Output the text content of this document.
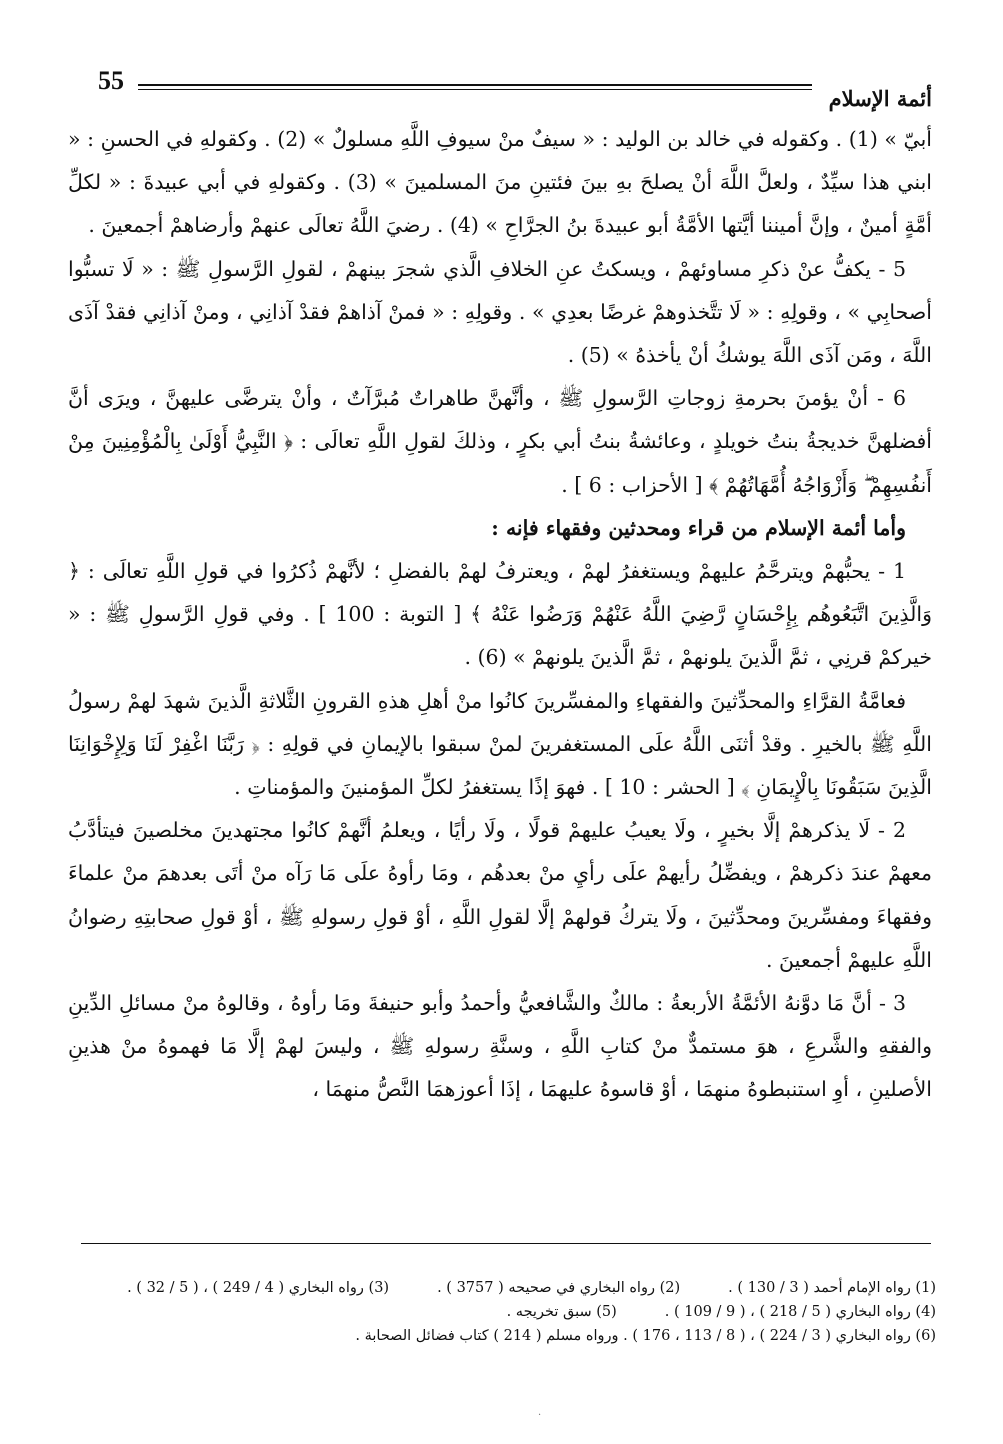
55
أئمة الإسلام

أبيّ » (1) . وكقوله في خالد بن الوليد : « سيفٌ منْ سيوفِ اللَّهِ مسلولٌ » (2) . وكقولهِ في الحسنِ : « ابني هذا سيِّدٌ ، ولعلَّ اللَّهَ أنْ يصلحَ بهِ بينَ فئتينِ منَ المسلمينَ » (3) . وكقولهِ في أبي عبيدةَ : « لكلِّ أمَّةٍ أمينٌ ، وإنَّ أميننا أيَّتها الأمَّةُ أبو عبيدةَ بنُ الجرَّاحِ » (4) . رضيَ اللَّهُ تعالَى عنهمْ وأرضاهمْ أجمعينَ .

5 - يكفُّ عنْ ذكرِ مساوئهمْ ، ويسكتُ عنِ الخلافِ الَّذي شجرَ بينهمْ ، لقولِ الرَّسولِ ﷺ : « لَا تسبُّوا أصحابِي » ، وقولِهِ : « لَا تتَّخذوهمْ غرضًا بعدِي » . وقولِهِ : « فمنْ آذاهمْ فقدْ آذانِي ، ومنْ آذانِي فقدْ آذَى اللَّهَ ، ومَن آذَى اللَّهَ يوشكُ أنْ يأخذهُ » (5) .

6 - أنْ يؤمنَ بحرمةِ زوجاتِ الرَّسولِ ﷺ ، وأنَّهنَّ طاهراتٌ مُبرَّآتٌ ، وأنْ يترضَّى عليهنَّ ، ويرَى أنَّ أفضلهنَّ خديجةُ بنتُ خويلدٍ ، وعائشةُ بنتُ أبي بكرٍ ، وذلكَ لقولِ اللَّهِ تعالَى : ﴿ النَّبِيُّ أَوْلَىٰ بِالْمُؤْمِنِينَ مِنْ أَنفُسِهِمْ ۖ وَأَزْوَاجُهُ أُمَّهَاتُهُمْ ﴾ [ الأحزاب : 6 ] .

وأما أئمة الإسلام من قراء ومحدثين وفقهاء فإنه :

1 - يحبُّهمْ ويترحَّمُ عليهمْ ويستغفرُ لهمْ ، ويعترفُ لهمْ بالفضلِ ؛ لأنَّهمْ ذُكرُوا في قولِ اللَّهِ تعالَى : ﴿ وَالَّذِينَ اتَّبَعُوهُم بِإِحْسَانٍ رَّضِيَ اللَّهُ عَنْهُمْ وَرَضُوا عَنْهُ ﴾ [ التوبة : 100 ] . وفي قولِ الرَّسولِ ﷺ : « خيركمْ قرنِي ، ثمَّ الَّذينَ يلونهمْ ، ثمَّ الَّذينَ يلونهمْ » (6) .

فعامَّةُ القرَّاءِ والمحدِّثينَ والفقهاءِ والمفسِّرينَ كانُوا منْ أهلِ هذهِ القرونِ الثَّلاثةِ الَّذينَ شهدَ لهمْ رسولُ اللَّهِ ﷺ بالخيرِ . وقدْ أثنَى اللَّهُ علَى المستغفرينَ لمنْ سبقوا بالإيمانِ في قولِهِ : ﴿ رَبَّنَا اغْفِرْ لَنَا وَلِإِخْوَانِنَا الَّذِينَ سَبَقُونَا بِالْإِيمَانِ ﴾ [ الحشر : 10 ] . فهوَ إذًا يستغفرُ لكلِّ المؤمنينَ والمؤمناتِ .

2 - لَا يذكرهمْ إلَّا بخيرٍ ، ولَا يعيبُ عليهمْ قولًا ، ولَا رأيًا ، ويعلمُ أنَّهمْ كانُوا مجتهدينَ مخلصينَ فيتأدَّبُ معهمْ عندَ ذكرهمْ ، ويفضِّلُ رأيهمْ علَى رأيِ منْ بعدهُم ، ومَا رأوهُ علَى مَا رَآه منْ أتَى بعدهمَ منْ علماءَ وفقهاءَ ومفسِّرينَ ومحدِّثينَ ، ولَا يتركُ قولهمْ إلَّا لقولِ اللَّهِ ، أوْ قولِ رسولهِ ﷺ ، أوْ قولِ صحابتِهِ رضوانُ اللَّهِ عليهمْ أجمعينَ .

3 - أنَّ مَا دوَّنهُ الأئمَّةُ الأربعةُ : مالكٌ والشَّافعيُّ وأحمدُ وأبو حنيفةَ ومَا رأوهُ ، وقالوهُ منْ مسائلِ الدِّينِ والفقهِ والشَّرعِ ، هوَ مستمدٌّ منْ كتابِ اللَّهِ ، وسنَّةِ رسولهِ ﷺ ، وليسَ لهمْ إلَّا مَا فهموهُ منْ هذينِ الأصلينِ ، أوِ استنبطوهُ منهمَا ، أوْ قاسوهُ عليهمَا ، إذَا أعوزهمَا النَّصُّ منهمَا ،

(1) رواه الإمام أحمد ( 3 / 130 ) .
(2) رواه البخاري في صحيحه ( 3757 ) .
(3) رواه البخاري ( 4 / 249 ) ، ( 5 / 32 ) .
(4) رواه البخاري ( 5 / 218 ) ، ( 9 / 109 ) .
(5) سبق تخريجه .
(6) رواه البخاري ( 3 / 224 ) ، ( 8 / 113 ، 176 ) . ورواه مسلم ( 214 ) كتاب فضائل الصحابة .
·
